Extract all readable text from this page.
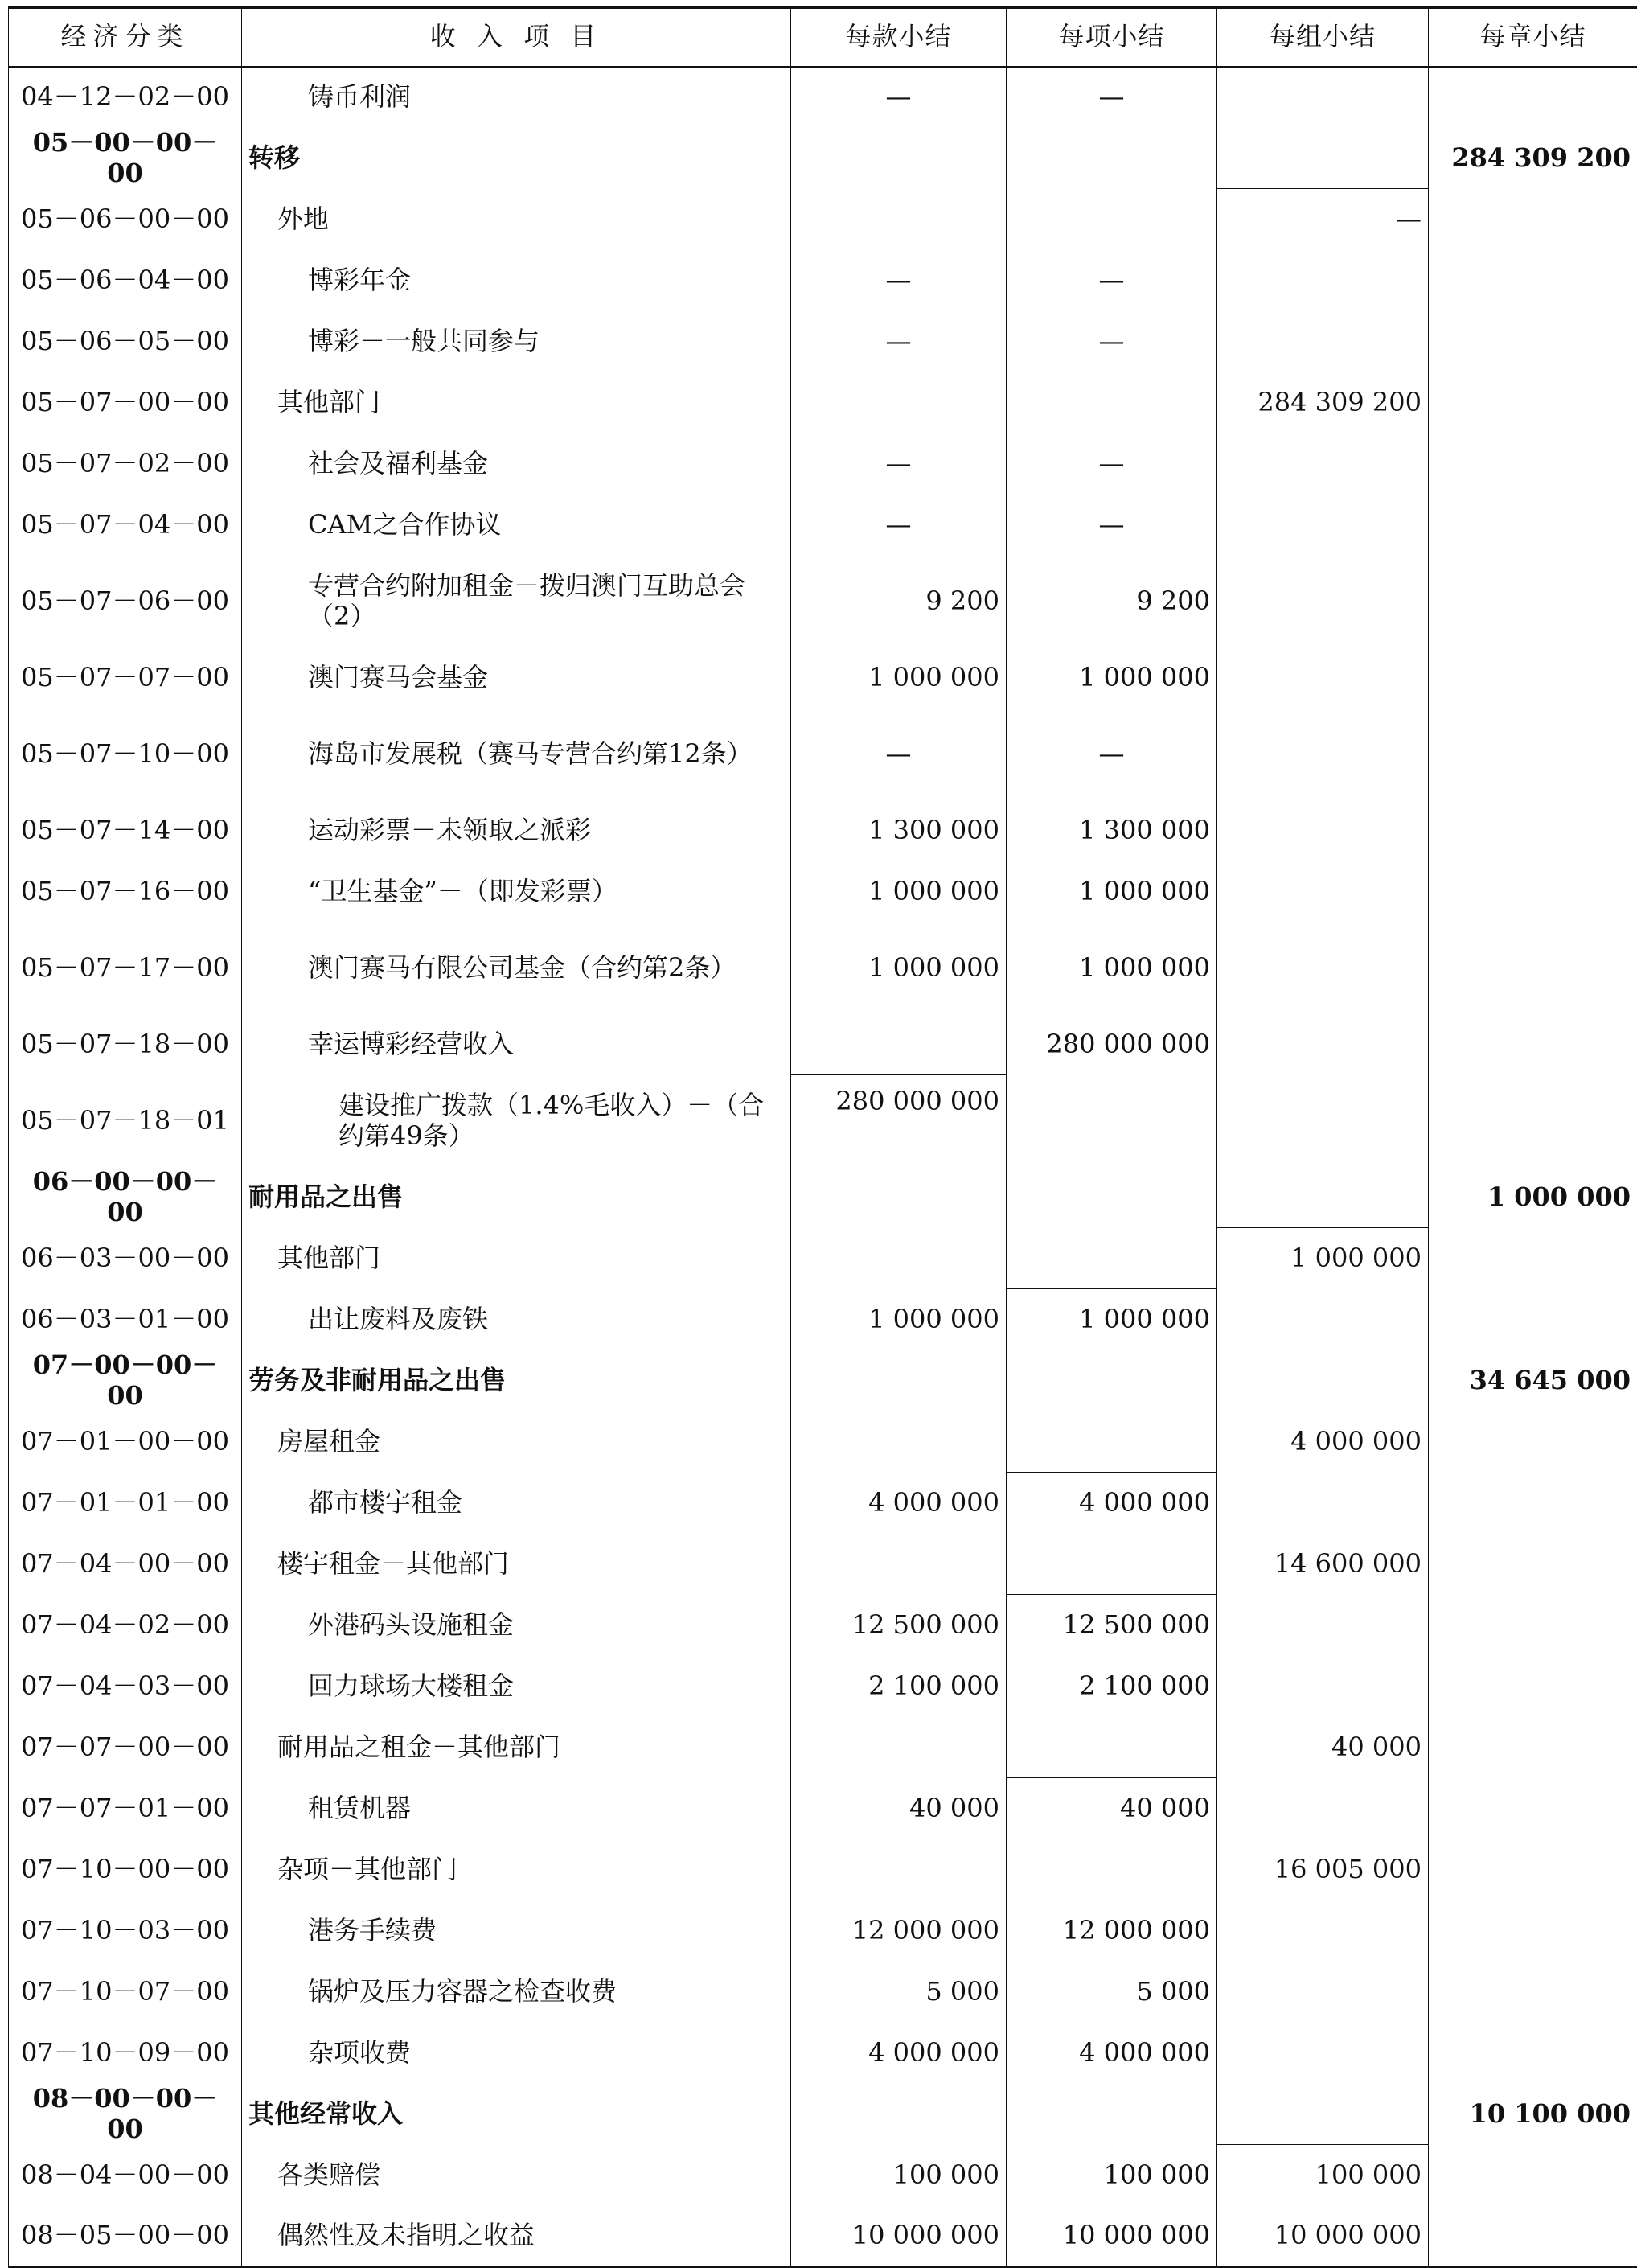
经济分类	收 入 项 目	每款小结	每项小结	每组小结	每章小结
04－12－02－00	铸币利润	—	—		
05－00－00－00	转移				284 309 200
05－06－00－00	外地			—	
05－06－04－00	博彩年金	—	—		
05－06－05－00	博彩－一般共同参与	—	—		
05－07－00－00	其他部门			284 309 200	
05－07－02－00	社会及福利基金	—	—		
05－07－04－00	CAM之合作协议	—	—		
05－07－06－00	专营合约附加租金－拨归澳门互助总会（2）	9 200	9 200		
05－07－07－00	澳门赛马会基金	1 000 000	1 000 000		
05－07－10－00	海岛市发展税（赛马专营合约第12条）	—	—		
05－07－14－00	运动彩票－未领取之派彩	1 300 000	1 300 000		
05－07－16－00	“卫生基金”－（即发彩票）	1 000 000	1 000 000		
05－07－17－00	澳门赛马有限公司基金（合约第2条）	1 000 000	1 000 000		
05－07－18－00	幸运博彩经营收入		280 000 000		
05－07－18－01	建设推广拨款（1.4%毛收入）－（合约第49条）	280 000 000			
06－00－00－00	耐用品之出售				1 000 000
06－03－00－00	其他部门			1 000 000	
06－03－01－00	出让废料及废铁	1 000 000	1 000 000		
07－00－00－00	劳务及非耐用品之出售				34 645 000
07－01－00－00	房屋租金			4 000 000	
07－01－01－00	都市楼宇租金	4 000 000	4 000 000		
07－04－00－00	楼宇租金－其他部门			14 600 000	
07－04－02－00	外港码头设施租金	12 500 000	12 500 000		
07－04－03－00	回力球场大楼租金	2 100 000	2 100 000		
07－07－00－00	耐用品之租金－其他部门			40 000	
07－07－01－00	租赁机器	40 000	40 000		
07－10－00－00	杂项－其他部门			16 005 000	
07－10－03－00	港务手续费	12 000 000	12 000 000		
07－10－07－00	锅炉及压力容器之检查收费	5 000	5 000		
07－10－09－00	杂项收费	4 000 000	4 000 000		
08－00－00－00	其他经常收入				10 100 000
08－04－00－00	各类赔偿	100 000	100 000	100 000	
08－05－00－00	偶然性及未指明之收益	10 000 000	10 000 000	10 000 000	
